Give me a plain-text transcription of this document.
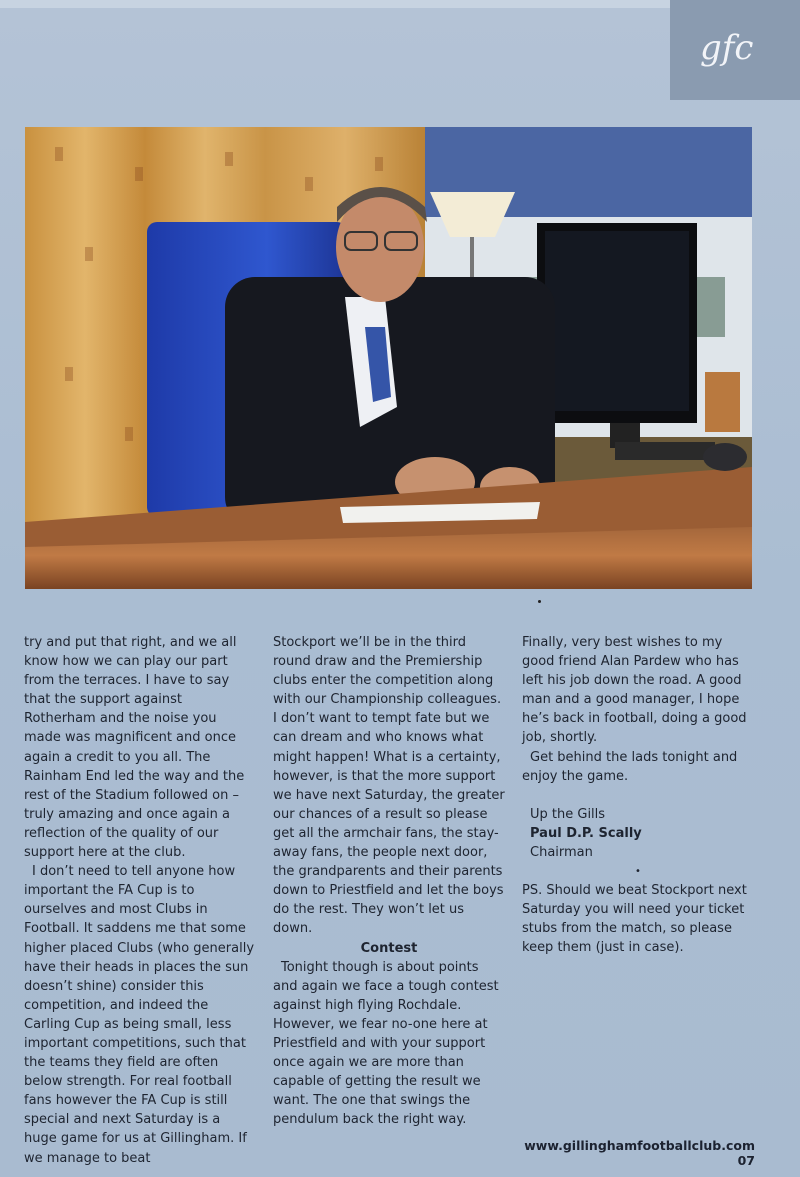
gfc

try and put that right, and we all know how we can play our part from the terraces. I have to say that the support against Rotherham and the noise you made was magnificent and once again a credit to you all. The Rainham End led the way and the rest of the Stadium followed on – truly amazing and once again a reflection of the quality of our support here at the club.

I don’t need to tell anyone how important the FA Cup is to ourselves and most Clubs in Football. It saddens me that some higher placed Clubs (who generally have their heads in places the sun doesn’t shine) consider this competition, and indeed the Carling Cup as being small, less important competitions, such that the teams they field are often below strength. For real football fans however the FA Cup is still special and next Saturday is a huge game for us at Gillingham. If we manage to beat

Stockport we’ll be in the third round draw and the Premiership clubs enter the competition along with our Championship colleagues. I don’t want to tempt fate but we can dream and who knows what might happen! What is a certainty, however, is that the more support we have next Saturday, the greater our chances of a result so please get all the armchair fans, the stay-away fans, the people next door, the grandparents and their parents down to Priestfield and let the boys do the rest. They won’t let us down.

Contest

Tonight though is about points and again we face a tough contest against high flying Rochdale. However, we fear no-one here at Priestfield and with your support once again we are more than capable of getting the result we want. The one that swings the pendulum back the right way.

Finally, very best wishes to my good friend Alan Pardew who has left his job down the road. A good man and a good manager, I hope he’s back in football, doing a good job, shortly.

Get behind the lads tonight and enjoy the game.

Up the Gills

Paul D.P. Scally

Chairman

•

PS. Should we beat Stockport next Saturday you will need your ticket stubs from the match, so please keep them (just in case).

www.gillinghamfootballclub.com 07
